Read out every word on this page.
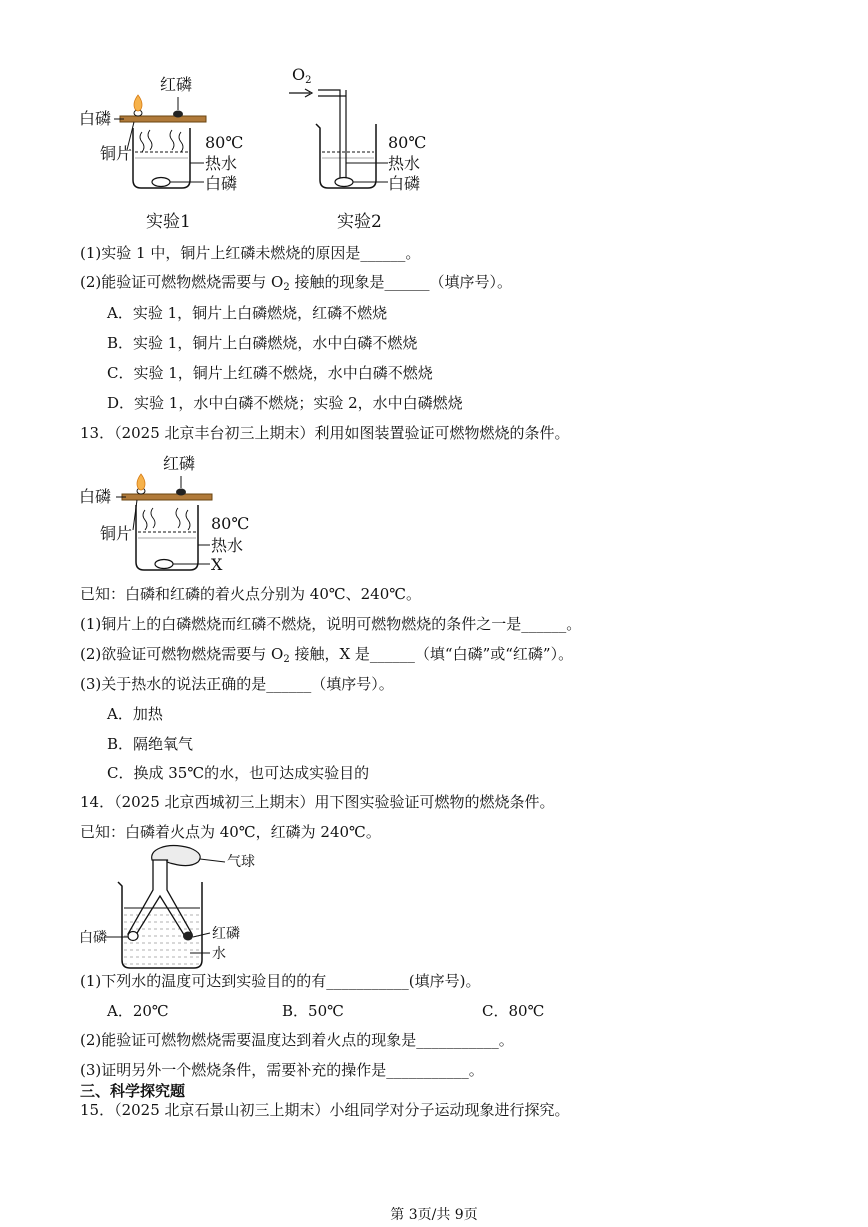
红磷
白磷
铜片
80℃
热水
白磷
实验1
$O_2$
80℃
热水
白磷
实验2
(1)实验 1 中，铜片上红磷未燃烧的原因是______。
(2)能验证可燃物燃烧需要与 $O_2$ 接触的现象是______（填序号）。
A．实验 1，铜片上白磷燃烧，红磷不燃烧
B．实验 1，铜片上白磷燃烧，水中白磷不燃烧
C．实验 1，铜片上红磷不燃烧，水中白磷不燃烧
D．实验 1，水中白磷不燃烧；实验 2，水中白磷燃烧
13．（2025 北京丰台初三上期末）利用如图装置验证可燃物燃烧的条件。
红磷
白磷
铜片
80℃
热水
X
已知：白磷和红磷的着火点分别为 40℃、240℃。
(1)铜片上的白磷燃烧而红磷不燃烧，说明可燃物燃烧的条件之一是______。
(2)欲验证可燃物燃烧需要与 $O_2$ 接触，X 是______（填“白磷”或“红磷”）。
(3)关于热水的说法正确的是______（填序号）。
A．加热
B．隔绝氧气
C．换成 35℃的水，也可达成实验目的
14．（2025 北京西城初三上期末）用下图实验验证可燃物的燃烧条件。
已知：白磷着火点为 40℃，红磷为 240℃。
气球
白磷	红磷
水
(1)下列水的温度可达到实验目的的有___________(填序号)。
A．20℃	B．50℃	C．80℃
(2)能验证可燃物燃烧需要温度达到着火点的现象是___________。
(3)证明另外一个燃烧条件，需要补充的操作是___________。
三、科学探究题
15．（2025 北京石景山初三上期末）小组同学对分子运动现象进行探究。
第 3页/共 9页
